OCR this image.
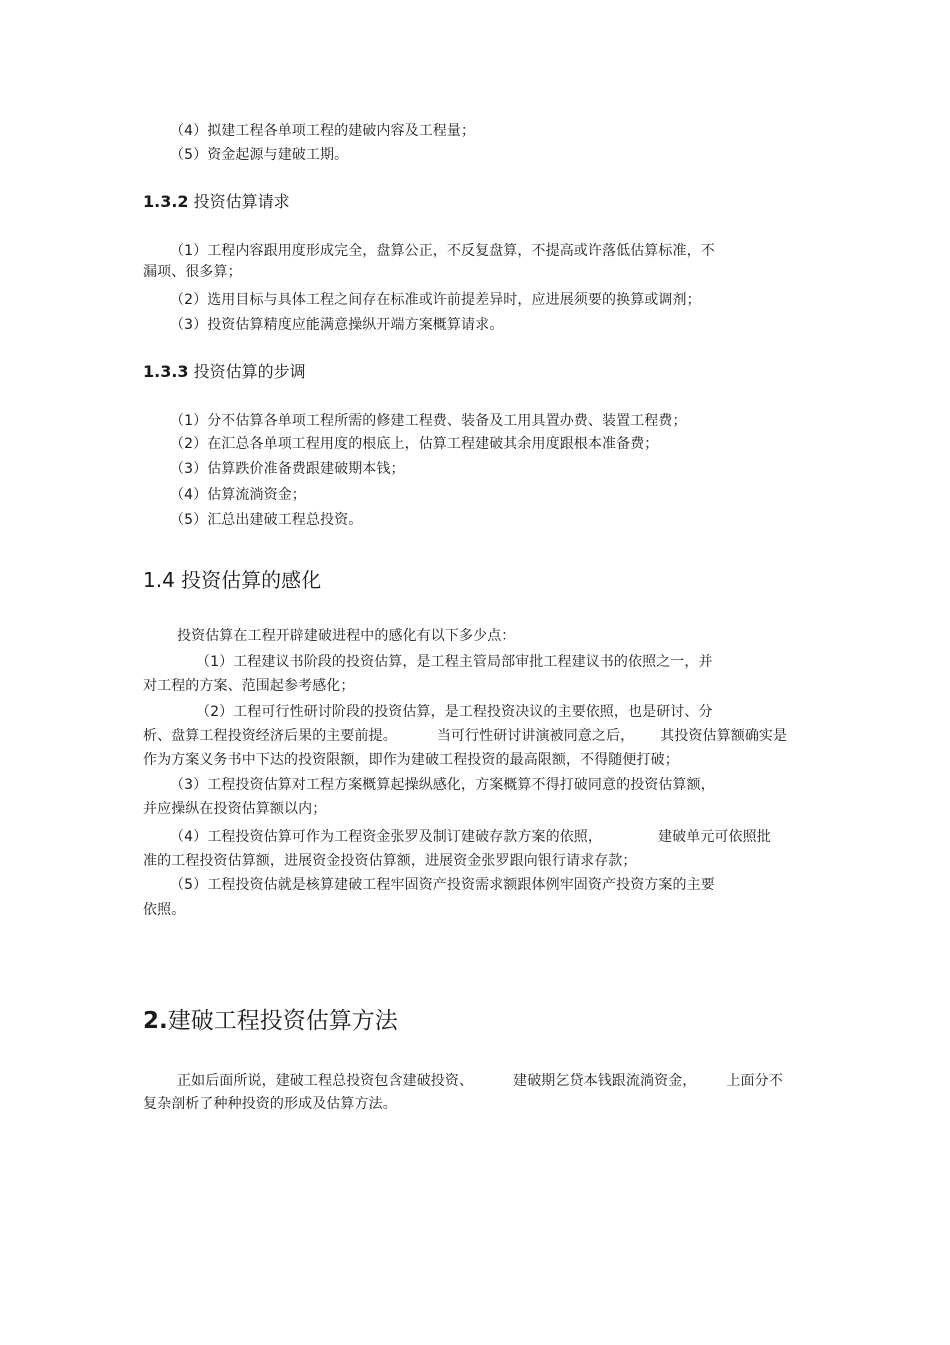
（4）拟建工程各单项工程的建破内容及工程量；
（5）资金起源与建破工期。
1.3.2 投资估算请求
（1）工程内容跟用度形成完全，盘算公正，不反复盘算，不提高或许落低估算标准，不
漏项、很多算；
（2）选用目标与具体工程之间存在标准或许前提差异时，应进展须要的换算或调剂；
（3）投资估算精度应能满意操纵开端方案概算请求。
1.3.3 投资估算的步调
（1）分不估算各单项工程所需的修建工程费、装备及工用具置办费、装置工程费；
（2）在汇总各单项工程用度的根底上，估算工程建破其余用度跟根本准备费；
（3）估算跌价准备费跟建破期本钱；
（4）估算流淌资金；
（5）汇总出建破工程总投资。
1.4 投资估算的感化
投资估算在工程开辟建破进程中的感化有以下多少点：
（1）工程建议书阶段的投资估算，是工程主管局部审批工程建议书的依照之一，并
对工程的方案、范围起参考感化；
（2）工程可行性研讨阶段的投资估算，是工程投资决议的主要依照，也是研讨、分
析、盘算工程投资经济后果的主要前提。	当可行性研讨讲演被同意之后， 其投资估算额确实是
作为方案义务书中下达的投资限额，即作为建破工程投资的最高限额，不得随便打破；
（3）工程投资估算对工程方案概算起操纵感化，方案概算不得打破同意的投资估算额，
并应操纵在投资估算额以内；
（4）工程投资估算可作为工程资金张罗及制订建破存款方案的依照，	建破单元可依照批
准的工程投资估算额，进展资金投资估算额，进展资金张罗跟向银行请求存款；
（5）工程投资估就是核算建破工程牢固资产投资需求额跟体例牢固资产投资方案的主要
依照。
2.建破工程投资估算方法
正如后面所说，建破工程总投资包含建破投资、	建破期乞贷本钱跟流淌资金， 上面分不
复杂剖析了种种投资的形成及估算方法。
